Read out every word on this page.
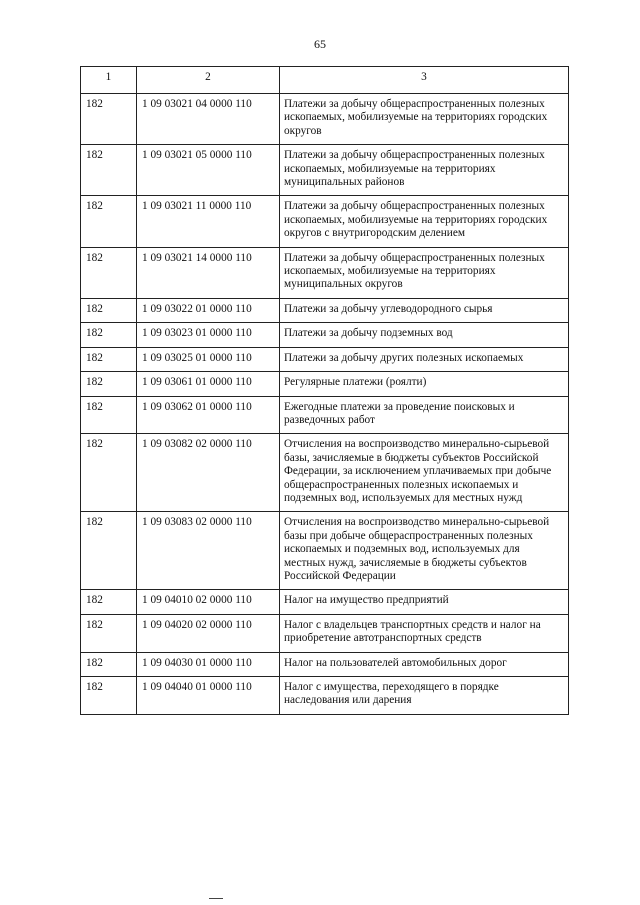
65
1	2	3
182	1 09 03021 04 0000 110	Платежи за добычу общераспространенных полезных ископаемых, мобилизуемые на территориях городских округов
182	1 09 03021 05 0000 110	Платежи за добычу общераспространенных полезных ископаемых, мобилизуемые на территориях муниципальных районов
182	1 09 03021 11 0000 110	Платежи за добычу общераспространенных полезных ископаемых, мобилизуемые на территориях городских округов с внутригородским делением
182	1 09 03021 14 0000 110	Платежи за добычу общераспространенных полезных ископаемых, мобилизуемые на территориях муниципальных округов
182	1 09 03022 01 0000 110	Платежи за добычу углеводородного сырья
182	1 09 03023 01 0000 110	Платежи за добычу подземных вод
182	1 09 03025 01 0000 110	Платежи за добычу других полезных ископаемых
182	1 09 03061 01 0000 110	Регулярные платежи (роялти)
182	1 09 03062 01 0000 110	Ежегодные платежи за проведение поисковых и разведочных работ
182	1 09 03082 02 0000 110	Отчисления на воспроизводство минерально-сырьевой базы, зачисляемые в бюджеты субъектов Российской Федерации, за исключением уплачиваемых при добыче общераспространенных полезных ископаемых и подземных вод, используемых для местных нужд
182	1 09 03083 02 0000 110	Отчисления на воспроизводство минерально-сырьевой базы при добыче общераспространенных полезных ископаемых и подземных вод, используемых для местных нужд, зачисляемые в бюджеты субъектов Российской Федерации
182	1 09 04010 02 0000 110	Налог на имущество предприятий
182	1 09 04020 02 0000 110	Налог с владельцев транспортных средств и налог на приобретение автотранспортных средств
182	1 09 04030 01 0000 110	Налог на пользователей автомобильных дорог
182	1 09 04040 01 0000 110	Налог с имущества, переходящего в порядке наследования или дарения
